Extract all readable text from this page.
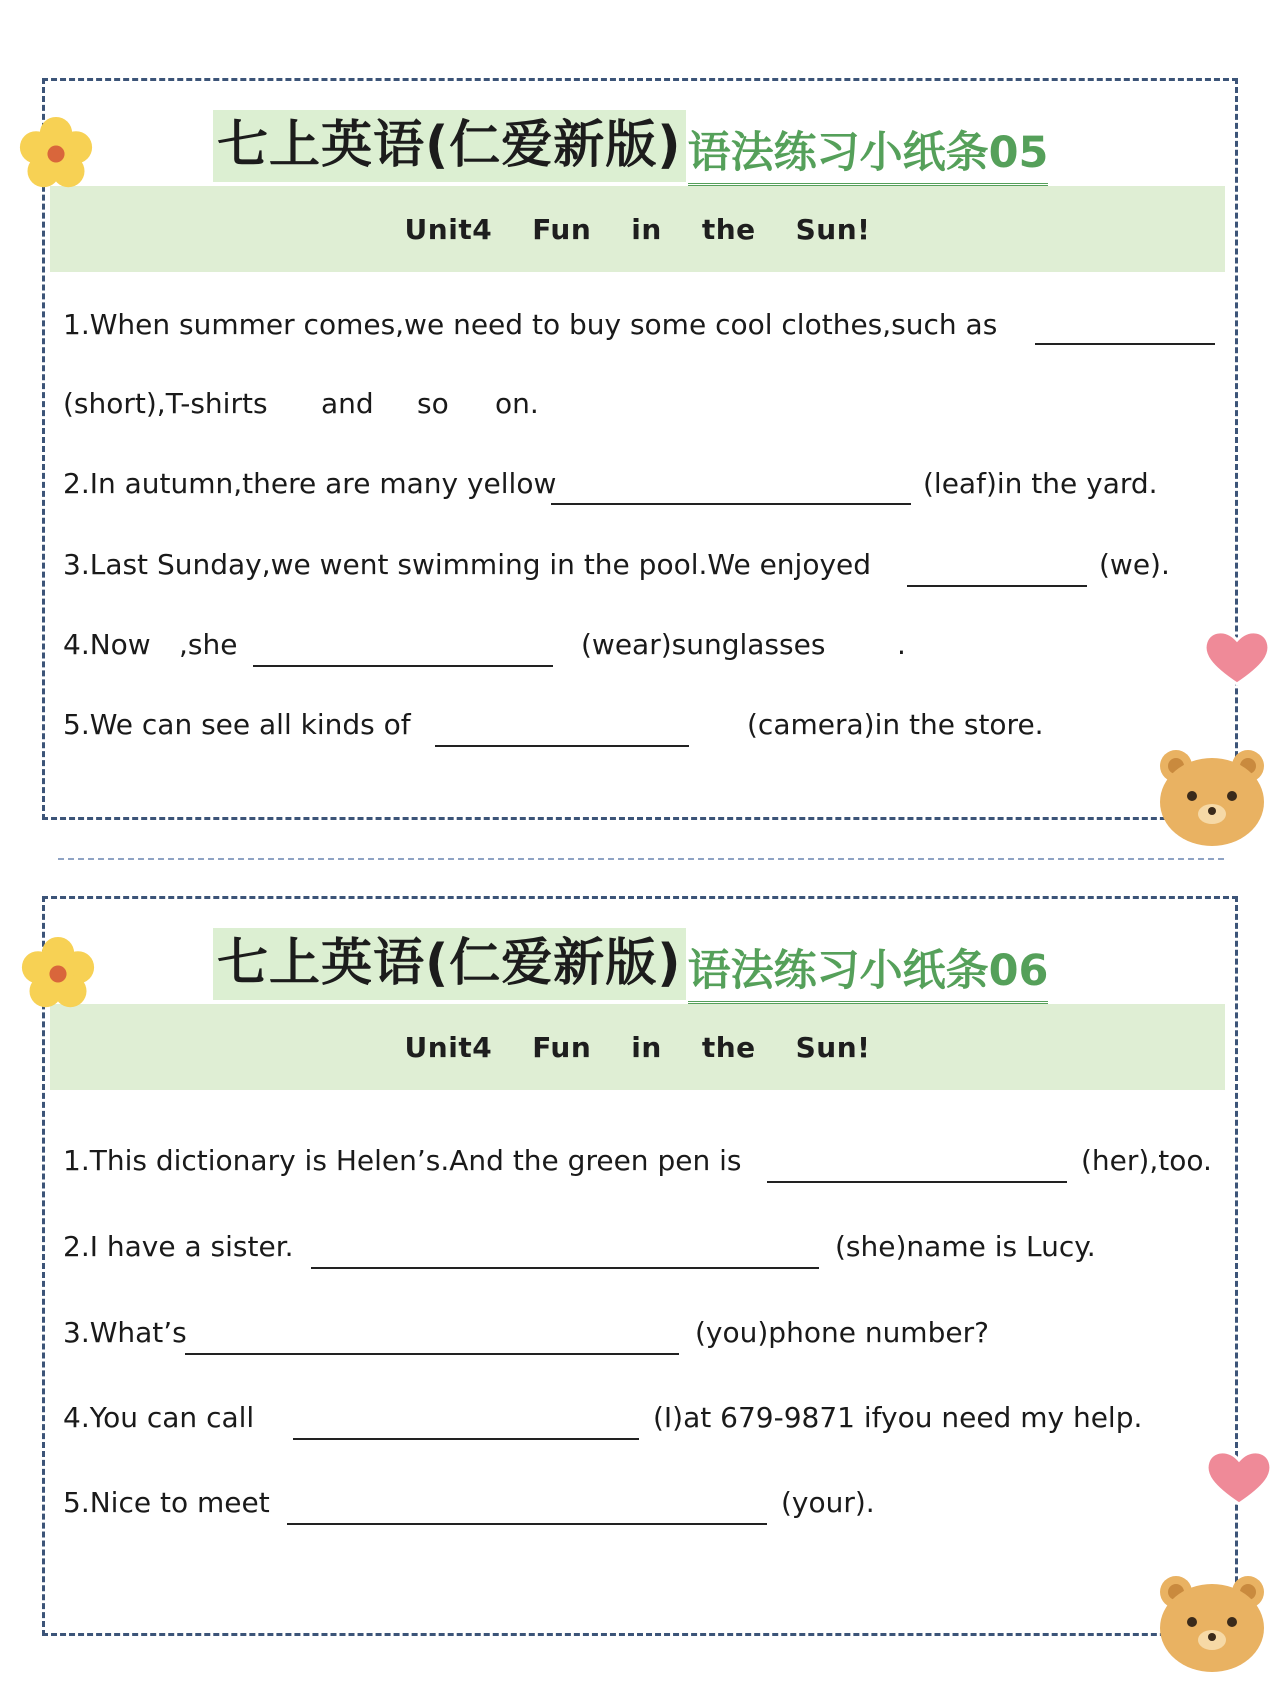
七上英语(仁爱新版) 语法练习小纸条05
Unit4 Fun in the Sun!
1.When summer comes,we need to buy some cool clothes,such as
(short),T-shirts and so on.
2.In autumn,there are many yellow	(leaf)in the yard.
3.Last Sunday,we went swimming in the pool.We enjoyed	(we).
4.Now ,she	(wear)sunglasses	.
5.We can see all kinds of	(camera)in the store.
七上英语(仁爱新版) 语法练习小纸条06
Unit4 Fun in the Sun!
1.This dictionary is Helen’s.And the green pen is	(her),too.
2.I have a sister.	(she)name is Lucy.
3.What’s	(you)phone number?
4.You can call	(I)at 679-9871 ifyou need my help.
5.Nice to meet	(your).
